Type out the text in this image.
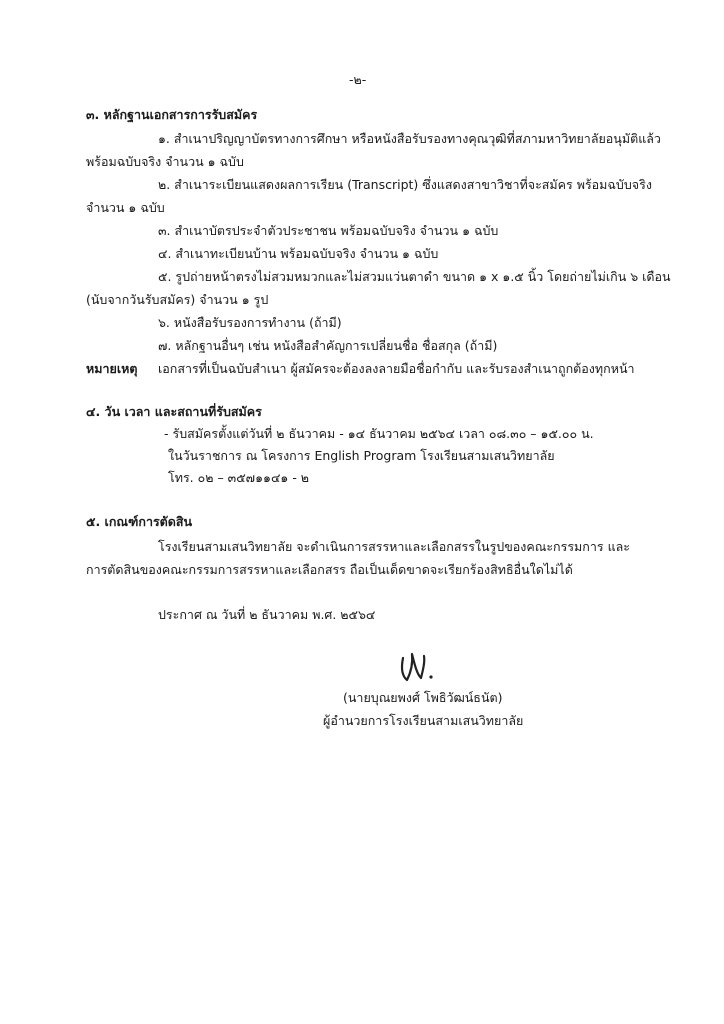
-๒-
๓. หลักฐานเอกสารการรับสมัคร
๑. สำเนาปริญญาบัตรทางการศึกษา หรือหนังสือรับรองทางคุณวุฒิที่สภามหาวิทยาลัยอนุมัติแล้ว
พร้อมฉบับจริง จำนวน ๑ ฉบับ
๒. สำเนาระเบียนแสดงผลการเรียน (Transcript) ซึ่งแสดงสาขาวิชาที่จะสมัคร พร้อมฉบับจริง
จำนวน ๑ ฉบับ
๓. สำเนาบัตรประจำตัวประชาชน พร้อมฉบับจริง จำนวน ๑ ฉบับ
๔. สำเนาทะเบียนบ้าน พร้อมฉบับจริง จำนวน ๑ ฉบับ
๕. รูปถ่ายหน้าตรงไม่สวมหมวกและไม่สวมแว่นตาดำ ขนาด ๑ x ๑.๕ นิ้ว โดยถ่ายไม่เกิน ๖ เดือน
(นับจากวันรับสมัคร) จำนวน ๑ รูป
๖. หนังสือรับรองการทำงาน (ถ้ามี)
๗. หลักฐานอื่นๆ เช่น หนังสือสำคัญการเปลี่ยนชื่อ ชื่อสกุล (ถ้ามี)
หมายเหตุ เอกสารที่เป็นฉบับสำเนา ผู้สมัครจะต้องลงลายมือชื่อกำกับ และรับรองสำเนาถูกต้องทุกหน้า
๔. วัน เวลา และสถานที่รับสมัคร
- รับสมัครตั้งแต่วันที่ ๒ ธันวาคม - ๑๔ ธันวาคม ๒๕๖๔ เวลา ๐๘.๓๐ – ๑๕.๐๐ น.
ในวันราชการ ณ โครงการ English Program โรงเรียนสามเสนวิทยาลัย
โทร. ๐๒ – ๓๕๗๑๑๔๑ - ๒
๕. เกณฑ์การตัดสิน
โรงเรียนสามเสนวิทยาลัย จะดำเนินการสรรหาและเลือกสรรในรูปของคณะกรรมการ และ
การตัดสินของคณะกรรมการสรรหาและเลือกสรร ถือเป็นเด็ดขาดจะเรียกร้องสิทธิอื่นใดไม่ได้
ประกาศ ณ วันที่ ๒ ธันวาคม พ.ศ. ๒๕๖๔
(นายบุณยพงศ์ โพธิวัฒน์ธนัต)
ผู้อำนวยการโรงเรียนสามเสนวิทยาลัย
